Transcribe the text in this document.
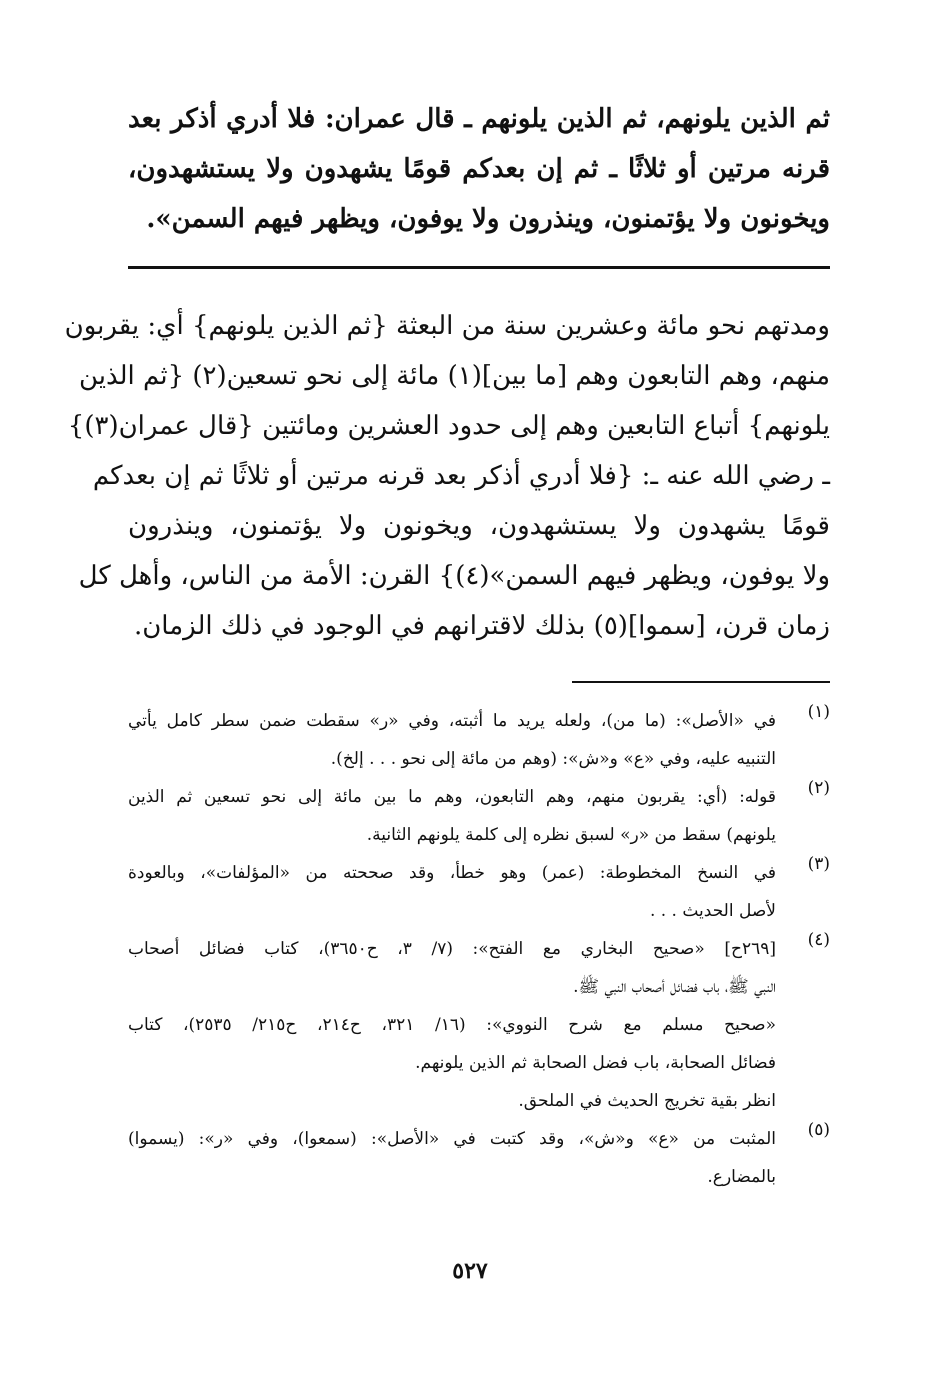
ثم الذين يلونهم، ثم الذين يلونهم ـ قال عمران: فلا أدري أذكر بعد
قرنه مرتين أو ثلاثًا ـ ثم إن بعدكم قومًا يشهدون ولا يستشهدون،
ويخونون ولا يؤتمنون، وينذرون ولا يوفون، ويظهر فيهم السمن».
ومدتهم نحو مائة وعشرين سنة من البعثة {ثم الذين يلونهم} أي: يقربون
منهم، وهم التابعون وهم [ما بين](١) مائة إلى نحو تسعين(٢) {ثم الذين
يلونهم} أتباع التابعين وهم إلى حدود العشرين ومائتين {قال عمران(٣)}
ـ رضي الله عنه ـ: {فلا أدري أذكر بعد قرنه مرتين أو ثلاثًا ثم إن بعدكم
قومًا يشهدون ولا يستشهدون، ويخونون ولا يؤتمنون، وينذرون
ولا يوفون، ويظهر فيهم السمن»(٤)} القرن: الأمة من الناس، وأهل كل
زمان قرن، [سموا](٥) بذلك لاقترانهم في الوجود في ذلك الزمان.
(١)
في «الأصل»: (ما من)، ولعله يريد ما أثبته، وفي «ر» سقطت ضمن سطر كامل يأتي
التنبيه عليه، وفي «ع» و«ش»: (وهم من مائة إلى نحو . . . إلخ).
(٢)
قوله: (أي: يقربون منهم، وهم التابعون، وهم ما بين مائة إلى نحو تسعين ثم الذين
يلونهم) سقط من «ر» لسبق نظره إلى كلمة يلونهم الثانية.
(٣)
في النسخ المخطوطة: (عمر) وهو خطأ، وقد صححته من «المؤلفات»، وبالعودة
لأصل الحديث . . .
(٤)
[٢٦٩ح] «صحيح البخاري مع الفتح»: (٧/ ٣، ح٣٦٥٠)، كتاب فضائل أصحاب
النبي ﷺ، باب فضائل أصحاب النبي ﷺ.
«صحيح مسلم مع شرح النووي»: (١٦/ ٣٢١، ح٢١٤، ح٢١٥/ ٢٥٣٥)، كتاب
فضائل الصحابة، باب فضل الصحابة ثم الذين يلونهم.
انظر بقية تخريج الحديث في الملحق.
(٥)
المثبت من «ع» و«ش»، وقد كتبت في «الأصل»: (سمعوا)، وفي «ر»: (يسموا)
بالمضارع.
٥٢٧
